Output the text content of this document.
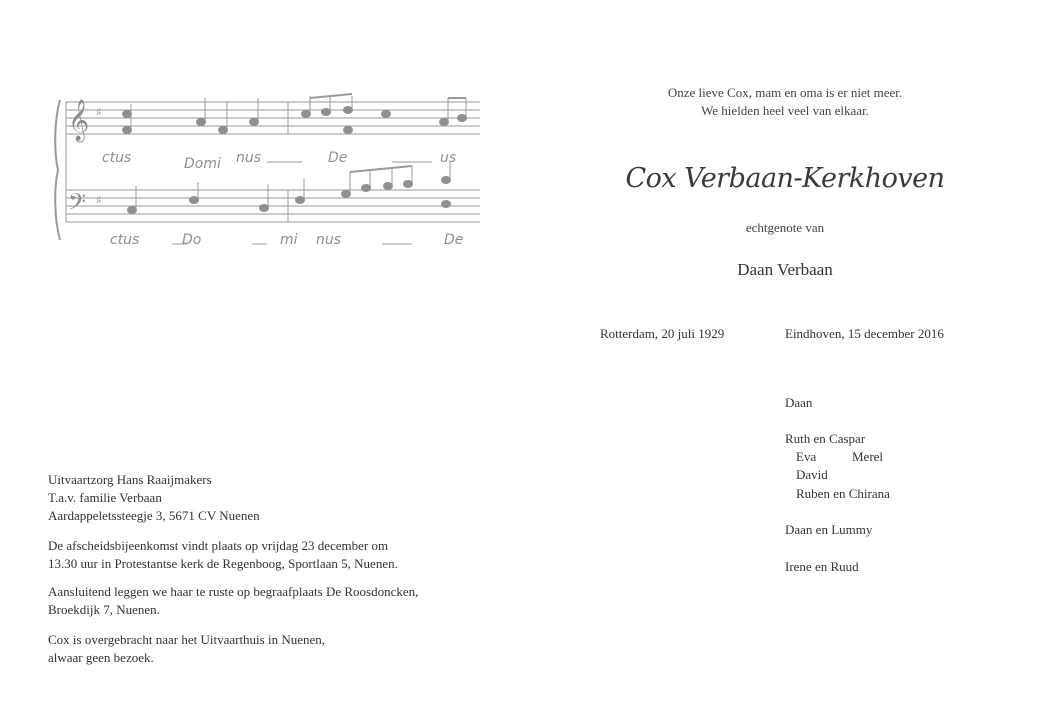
𝄞
𝄢
♯
♯
ctus	Domi nus	De	us
ctus	Do	mi nus	De
Onze lieve Cox, mam en oma is er niet meer.
We hielden heel veel van elkaar.
Cox Verbaan-Kerkhoven
echtgenote van
Daan Verbaan
Rotterdam, 20 juli 1929	Eindhoven, 15 december 2016
Daan
Ruth en Caspar
Eva	Merel
David
Ruben en Chirana
Daan en Lummy
Irene en Ruud

Uitvaartzorg Hans Raaijmakers

T.a.v. familie Verbaan

Aardappeletssteegje 3, 5671 CV Nuenen

De afscheidsbijeenkomst vindt plaats op vrijdag 23 december om

13.30 uur in Protestantse kerk de Regenboog, Sportlaan 5, Nuenen.

Aansluitend leggen we haar te ruste op begraafplaats De Roosdoncken,

Broekdijk 7, Nuenen.

Cox is overgebracht naar het Uitvaarthuis in Nuenen,

alwaar geen bezoek.
